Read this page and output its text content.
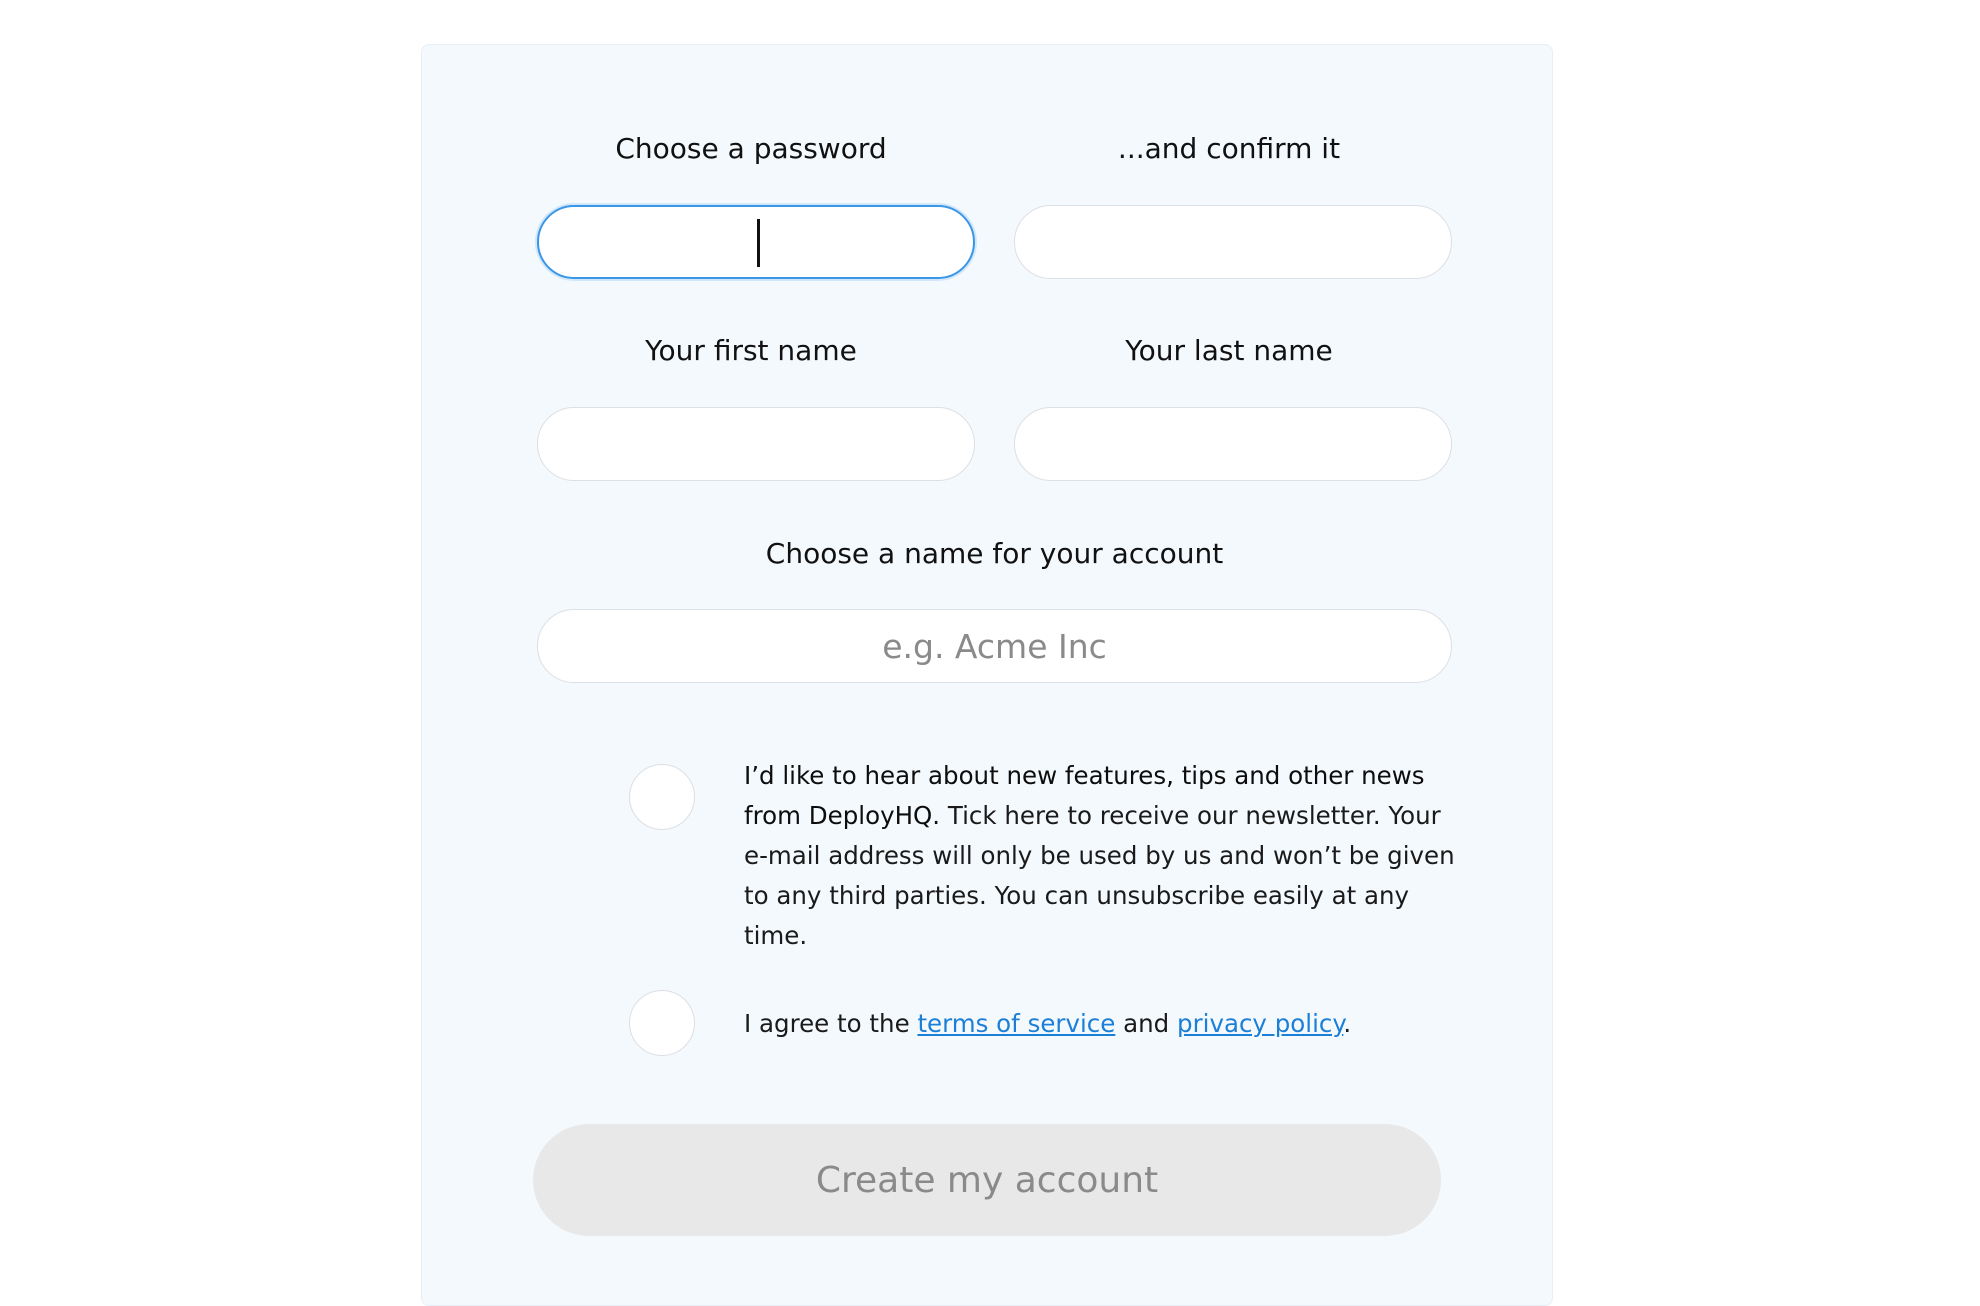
Choose a password	...and confirm it
Your first name	Your last name
Choose a name for your account
e.g. Acme Inc
I’d like to hear about new features, tips and other news from DeployHQ. Tick here to receive our newsletter. Your e-mail address will only be used by us and won’t be given to any third parties. You can unsubscribe easily at any time.
I agree to the terms of service and privacy policy.
Create my account
